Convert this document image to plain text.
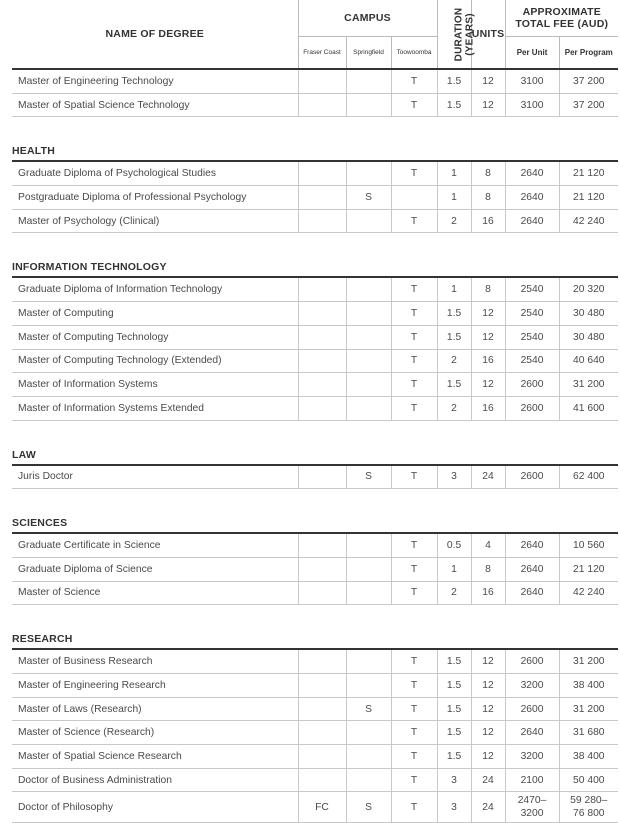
NAME OF DEGREE	CAMPUS			DURATION
(YEARS)	UNITS	APPROXIMATE
TOTAL FEE (AUD)	
	Fraser Coast	Springfield	Toowoomba			Per Unit	Per Program
Master of Engineering Technology			T	1.5	12	3100	37 200
Master of Spatial Science Technology			T	1.5	12	3100	37 200
HEALTH							
Graduate Diploma of Psychological Studies			T	1	8	2640	21 120
Postgraduate Diploma of Professional Psychology		S		1	8	2640	21 120
Master of Psychology (Clinical)			T	2	16	2640	42 240
INFORMATION TECHNOLOGY							
Graduate Diploma of Information Technology			T	1	8	2540	20 320
Master of Computing			T	1.5	12	2540	30 480
Master of Computing Technology			T	1.5	12	2540	30 480
Master of Computing Technology (Extended)			T	2	16	2540	40 640
Master of Information Systems			T	1.5	12	2600	31 200
Master of Information Systems Extended			T	2	16	2600	41 600
LAW							
Juris Doctor		S	T	3	24	2600	62 400
SCIENCES							
Graduate Certificate in Science			T	0.5	4	2640	10 560
Graduate Diploma of Science			T	1	8	2640	21 120
Master of Science			T	2	16	2640	42 240
RESEARCH							
Master of Business Research			T	1.5	12	2600	31 200
Master of Engineering Research			T	1.5	12	3200	38 400
Master of Laws (Research)		S	T	1.5	12	2600	31 200
Master of Science (Research)			T	1.5	12	2640	31 680
Master of Spatial Science Research			T	1.5	12	3200	38 400
Doctor of Business Administration			T	3	24	2100	50 400
Doctor of Philosophy	FC	S	T	3	24	2470–
3200	59 280–
76 800
